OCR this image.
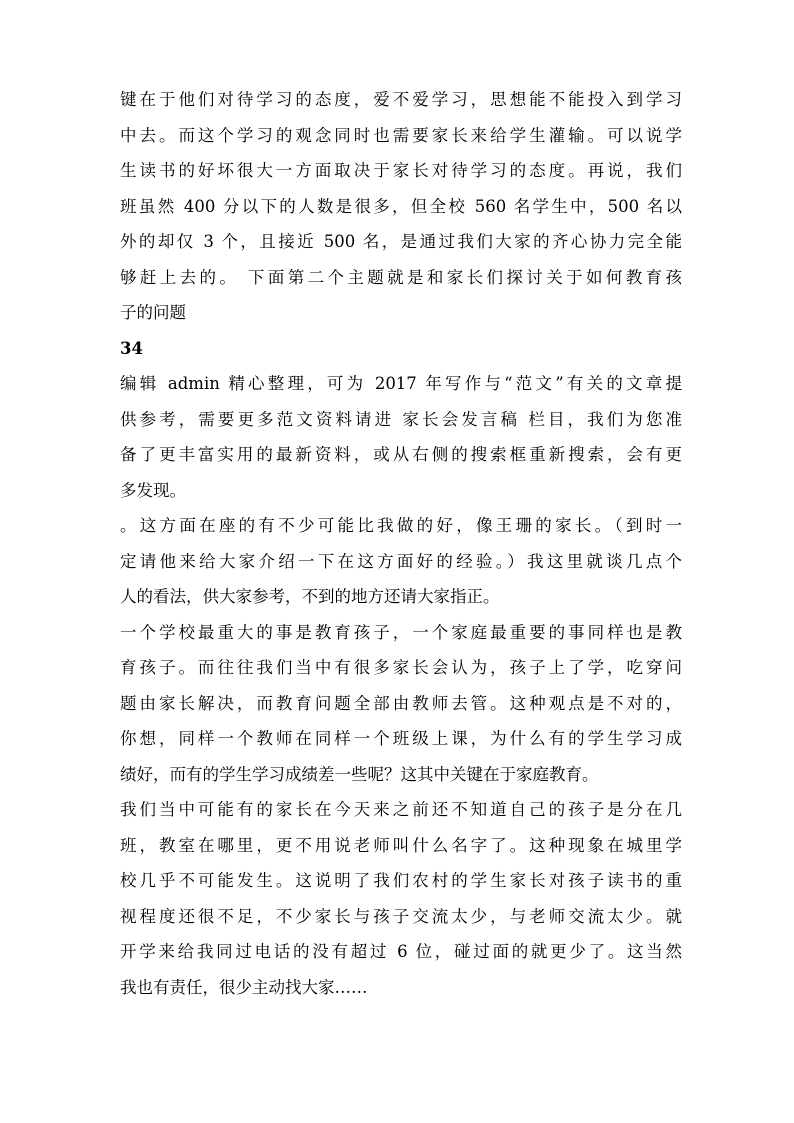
键在于他们对待学习的态度，爱不爱学习，思想能不能投入到学习
中去。而这个学习的观念同时也需要家长来给学生灌输。可以说学
生读书的好坏很大一方面取决于家长对待学习的态度。再说，我们
班虽然 400 分以下的人数是很多，但全校 560 名学生中，500 名以
外的却仅 3 个，且接近 500 名，是通过我们大家的齐心协力完全能
够赶上去的。 下面第二个主题就是和家长们探讨关于如何教育孩
子的问题
34
编辑 admin 精心整理，可为 2017 年写作与“范文”有关的文章提
供参考，需要更多范文资料请进 家长会发言稿 栏目，我们为您准
备了更丰富实用的最新资料，或从右侧的搜索框重新搜索，会有更
多发现。
。这方面在座的有不少可能比我做的好，像王珊的家长。（到时一
定请他来给大家介绍一下在这方面好的经验。）我这里就谈几点个
人的看法，供大家参考，不到的地方还请大家指正。
一个学校最重大的事是教育孩子，一个家庭最重要的事同样也是教
育孩子。而往往我们当中有很多家长会认为，孩子上了学，吃穿问
题由家长解决，而教育问题全部由教师去管。这种观点是不对的，
你想，同样一个教师在同样一个班级上课，为什么有的学生学习成
绩好，而有的学生学习成绩差一些呢？这其中关键在于家庭教育。
我们当中可能有的家长在今天来之前还不知道自己的孩子是分在几
班，教室在哪里，更不用说老师叫什么名字了。这种现象在城里学
校几乎不可能发生。这说明了我们农村的学生家长对孩子读书的重
视程度还很不足，不少家长与孩子交流太少，与老师交流太少。就
开学来给我同过电话的没有超过 6 位，碰过面的就更少了。这当然
我也有责任，很少主动找大家……
